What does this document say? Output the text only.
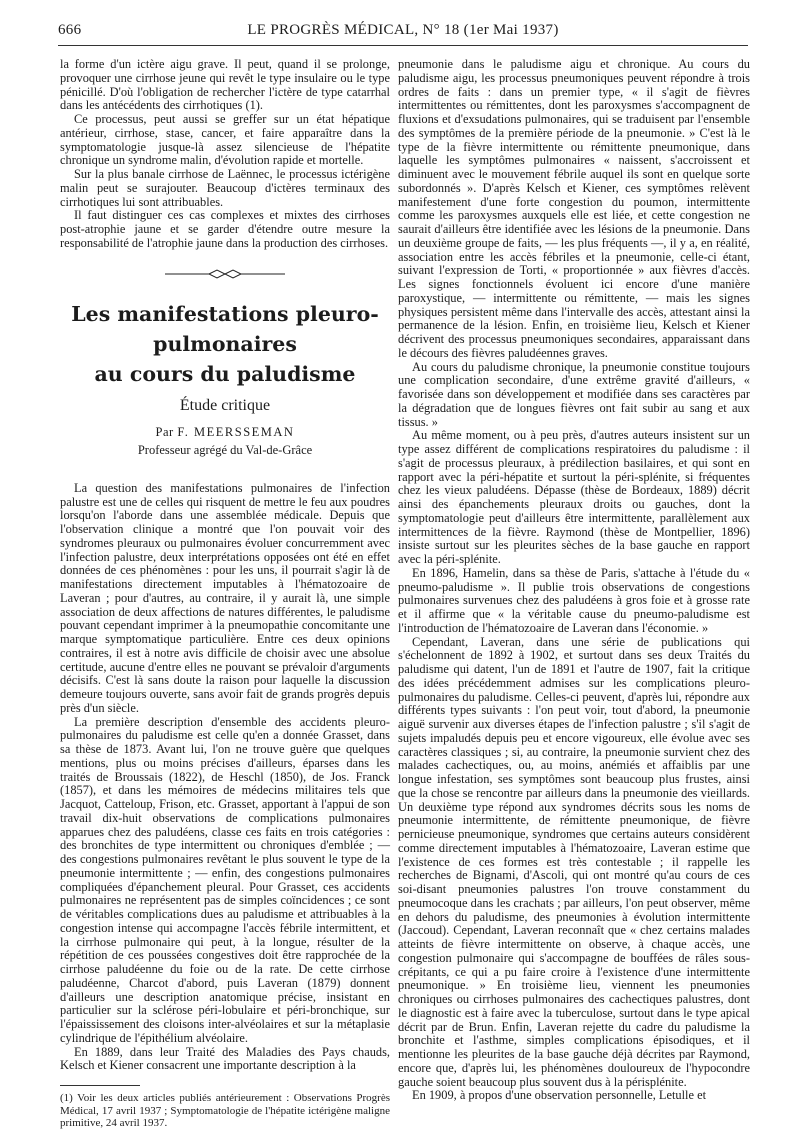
666	LE PROGRÈS MÉDICAL, N° 18 (1er Mai 1937)

la forme d'un ictère aigu grave. Il peut, quand il se prolonge, provoquer une cirrhose jeune qui revêt le type insulaire ou le type pénicillé. D'où l'obligation de rechercher l'ictère de type catarrhal dans les antécédents des cirrhotiques (1).

Ce processus, peut aussi se greffer sur un état hépatique antérieur, cirrhose, stase, cancer, et faire apparaître dans la symptomatologie jusque-là assez silencieuse de l'hépatite chronique un syndrome malin, d'évolution rapide et mortelle.

Sur la plus banale cirrhose de Laënnec, le processus ictérigène malin peut se surajouter. Beaucoup d'ictères terminaux des cirrhotiques lui sont attribuables.

Il faut distinguer ces cas complexes et mixtes des cirrhoses post-atrophie jaune et se garder d'étendre outre mesure la responsabilité de l'atrophie jaune dans la production des cirrhoses.

Les manifestations pleuro-pulmonaires
au cours du paludisme
Étude critique
Par F. MEERSSEMAN
Professeur agrégé du Val-de-Grâce

La question des manifestations pulmonaires de l'infection palustre est une de celles qui risquent de mettre le feu aux poudres lorsqu'on l'aborde dans une assemblée médicale. Depuis que l'observation clinique a montré que l'on pouvait voir des syndromes pleuraux ou pulmonaires évoluer concurremment avec l'infection palustre, deux interprétations opposées ont été en effet données de ces phénomènes : pour les uns, il pourrait s'agir là de manifestations directement imputables à l'hématozoaire de Laveran ; pour d'autres, au contraire, il y aurait là, une simple association de deux affections de natures différentes, le paludisme pouvant cependant imprimer à la pneumopathie concomitante une marque symptomatique particulière. Entre ces deux opinions contraires, il est à notre avis difficile de choisir avec une absolue certitude, aucune d'entre elles ne pouvant se prévaloir d'arguments décisifs. C'est là sans doute la raison pour laquelle la discussion demeure toujours ouverte, sans avoir fait de grands progrès depuis près d'un siècle.

La première description d'ensemble des accidents pleuro-pulmonaires du paludisme est celle qu'en a donnée Grasset, dans sa thèse de 1873. Avant lui, l'on ne trouve guère que quelques mentions, plus ou moins précises d'ailleurs, éparses dans les traités de Broussais (1822), de Heschl (1850), de Jos. Franck (1857), et dans les mémoires de médecins militaires tels que Jacquot, Catteloup, Frison, etc. Grasset, apportant à l'appui de son travail dix-huit observations de complications pulmonaires apparues chez des paludéens, classe ces faits en trois catégories : des bronchites de type intermittent ou chroniques d'emblée ; — des congestions pulmonaires revêtant le plus souvent le type de la pneumonie intermittente ; — enfin, des congestions pulmonaires compliquées d'épanchement pleural. Pour Grasset, ces accidents pulmonaires ne représentent pas de simples coïncidences ; ce sont de véritables complications dues au paludisme et attribuables à la congestion intense qui accompagne l'accès fébrile intermittent, et la cirrhose pulmonaire qui peut, à la longue, résulter de la répétition de ces poussées congestives doit être rapprochée de la cirrhose paludéenne du foie ou de la rate. De cette cirrhose paludéenne, Charcot d'abord, puis Laveran (1879) donnent d'ailleurs une description anatomique précise, insistant en particulier sur la sclérose péri-lobulaire et péri-bronchique, sur l'épaississement des cloisons inter-alvéolaires et sur la métaplasie cylindrique de l'épithélium alvéolaire.

En 1889, dans leur Traité des Maladies des Pays chauds, Kelsch et Kiener consacrent une importante description à la

(1) Voir les deux articles publiés antérieurement : Observations Progrès Médical, 17 avril 1937 ; Symptomatologie de l'hépatite ictérigène maligne primitive, 24 avril 1937.

pneumonie dans le paludisme aigu et chronique. Au cours du paludisme aigu, les processus pneumoniques peuvent répondre à trois ordres de faits : dans un premier type, « il s'agit de fièvres intermittentes ou rémittentes, dont les paroxysmes s'accompagnent de fluxions et d'exsudations pulmonaires, qui se traduisent par l'ensemble des symptômes de la première période de la pneumonie. » C'est là le type de la fièvre intermittente ou rémittente pneumonique, dans laquelle les symptômes pulmonaires « naissent, s'accroissent et diminuent avec le mouvement fébrile auquel ils sont en quelque sorte subordonnés ». D'après Kelsch et Kiener, ces symptômes relèvent manifestement d'une forte congestion du poumon, intermittente comme les paroxysmes auxquels elle est liée, et cette congestion ne saurait d'ailleurs être identifiée avec les lésions de la pneumonie. Dans un deuxième groupe de faits, — les plus fréquents —, il y a, en réalité, association entre les accès fébriles et la pneumonie, celle-ci étant, suivant l'expression de Torti, « proportionnée » aux fièvres d'accès. Les signes fonctionnels évoluent ici encore d'une manière paroxystique, — intermittente ou rémittente, — mais les signes physiques persistent même dans l'intervalle des accès, attestant ainsi la permanence de la lésion. Enfin, en troisième lieu, Kelsch et Kiener décrivent des processus pneumoniques secondaires, apparaissant dans le décours des fièvres paludéennes graves.

Au cours du paludisme chronique, la pneumonie constitue toujours une complication secondaire, d'une extrême gravité d'ailleurs, « favorisée dans son développement et modifiée dans ses caractères par la dégradation que de longues fièvres ont fait subir au sang et aux tissus. »

Au même moment, ou à peu près, d'autres auteurs insistent sur un type assez différent de complications respiratoires du paludisme : il s'agit de processus pleuraux, à prédilection basilaires, et qui sont en rapport avec la péri-hépatite et surtout la péri-splénite, si fréquentes chez les vieux paludéens. Dépasse (thèse de Bordeaux, 1889) décrit ainsi des épanchements pleuraux droits ou gauches, dont la symptomatologie peut d'ailleurs être intermittente, parallèlement aux intermittences de la fièvre. Raymond (thèse de Montpellier, 1896) insiste surtout sur les pleurites sèches de la base gauche en rapport avec la péri-splénite.

En 1896, Hamelin, dans sa thèse de Paris, s'attache à l'étude du « pneumo-paludisme ». Il publie trois observations de congestions pulmonaires survenues chez des paludéens à gros foie et à grosse rate et il affirme que « la véritable cause du pneumo-paludisme est l'introduction de l'hématozoaire de Laveran dans l'économie. »

Cependant, Laveran, dans une série de publications qui s'échelonnent de 1892 à 1902, et surtout dans ses deux Traités du paludisme qui datent, l'un de 1891 et l'autre de 1907, fait la critique des idées précédemment admises sur les complications pleuro-pulmonaires du paludisme. Celles-ci peuvent, d'après lui, répondre aux différents types suivants : l'on peut voir, tout d'abord, la pneumonie aiguë survenir aux diverses étapes de l'infection palustre ; s'il s'agit de sujets impaludés depuis peu et encore vigoureux, elle évolue avec ses caractères classiques ; si, au contraire, la pneumonie survient chez des malades cachectiques, ou, au moins, anémiés et affaiblis par une longue infestation, ses symptômes sont beaucoup plus frustes, ainsi que la chose se rencontre par ailleurs dans la pneumonie des vieillards. Un deuxième type répond aux syndromes décrits sous les noms de pneumonie intermittente, de rémittente pneumonique, de fièvre pernicieuse pneumonique, syndromes que certains auteurs considèrent comme directement imputables à l'hématozoaire, Laveran estime que l'existence de ces formes est très contestable ; il rappelle les recherches de Bignami, d'Ascoli, qui ont montré qu'au cours de ces soi-disant pneumonies palustres l'on trouve constamment du pneumocoque dans les crachats ; par ailleurs, l'on peut observer, même en dehors du paludisme, des pneumonies à évolution intermittente (Jaccoud). Cependant, Laveran reconnaît que « chez certains malades atteints de fièvre intermittente on observe, à chaque accès, une congestion pulmonaire qui s'accompagne de bouffées de râles sous-crépitants, ce qui a pu faire croire à l'existence d'une intermittente pneumonique. » En troisième lieu, viennent les pneumonies chroniques ou cirrhoses pulmonaires des cachectiques palustres, dont le diagnostic est à faire avec la tuberculose, surtout dans le type apical décrit par de Brun. Enfin, Laveran rejette du cadre du paludisme la bronchite et l'asthme, simples complications épisodiques, et il mentionne les pleurites de la base gauche déjà décrites par Raymond, encore que, d'après lui, les phénomènes douloureux de l'hypocondre gauche soient beaucoup plus souvent dus à la périsplénite.

En 1909, à propos d'une observation personnelle, Letulle et
